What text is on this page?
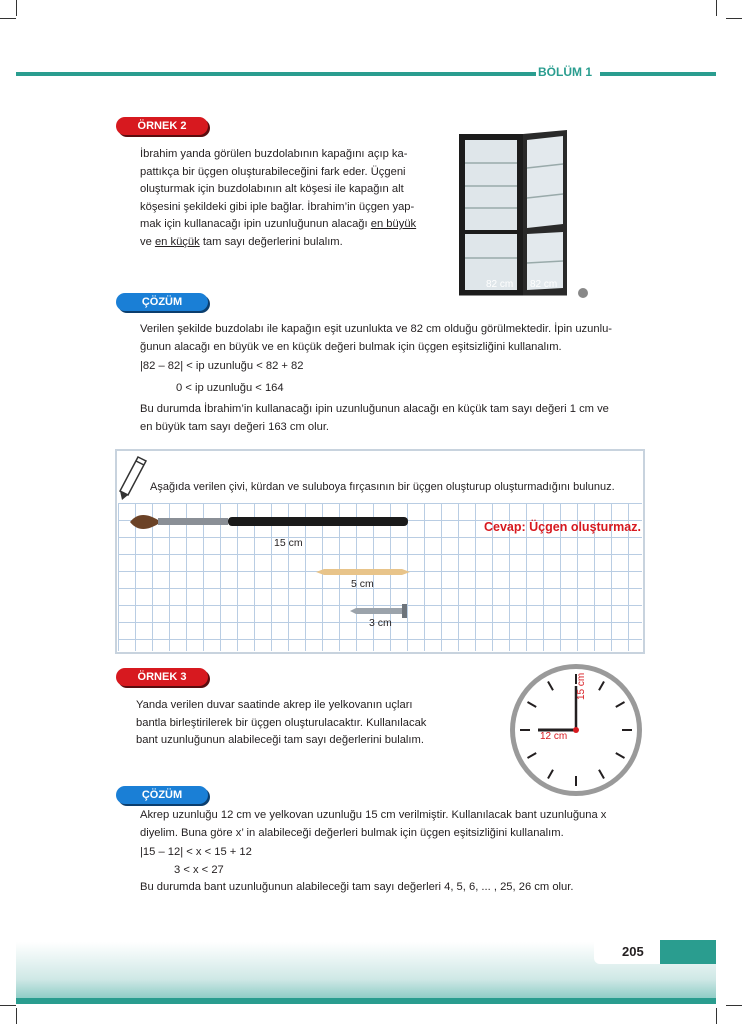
BÖLÜM 1
ÖRNEK 2
İbrahim yanda görülen buzdolabının kapağını açıp ka-
pattıkça bir üçgen oluşturabileceğini fark eder. Üçgeni
oluşturmak için buzdolabının alt köşesi ile kapağın alt
köşesini şekildeki gibi iple bağlar. İbrahim’in üçgen yap-
mak için kullanacağı ipin uzunluğunun alacağı en büyük
ve en küçük tam sayı değerlerini bulalım.
82 cm 82 cm
ÇÖZÜM
Verilen şekilde buzdolabı ile kapağın eşit uzunlukta ve 82 cm olduğu görülmektedir. İpin uzunlu-
ğunun alacağı en büyük ve en küçük değeri bulmak için üçgen eşitsizliğini kullanalım.
|82 – 82| < ip uzunluğu < 82 + 82
0 < ip uzunluğu < 164
Bu durumda İbrahim’in kullanacağı ipin uzunluğunun alacağı en küçük tam sayı değeri 1 cm ve
en büyük tam sayı değeri 163 cm olur.
Aşağıda verilen çivi, kürdan ve suluboya fırçasının bir üçgen oluşturup oluşturmadığını bulunuz.
Cevap: Üçgen oluşturmaz.
15 cm
5 cm
3 cm
ÖRNEK 3
Yanda verilen duvar saatinde akrep ile yelkovanın uçları
bantla birleştirilerek bir üçgen oluşturulacaktır. Kullanılacak
bant uzunluğunun alabileceği tam sayı değerlerini bulalım.
15 cm
12 cm
ÇÖZÜM
Akrep uzunluğu 12 cm ve yelkovan uzunluğu 15 cm verilmiştir. Kullanılacak bant uzunluğuna x
diyelim. Buna göre x’ in alabileceği değerleri bulmak için üçgen eşitsizliğini kullanalım.
|15 – 12| < x < 15 + 12
3 < x < 27
Bu durumda bant uzunluğunun alabileceği tam sayı değerleri 4, 5, 6, ... , 25, 26 cm olur.
205
